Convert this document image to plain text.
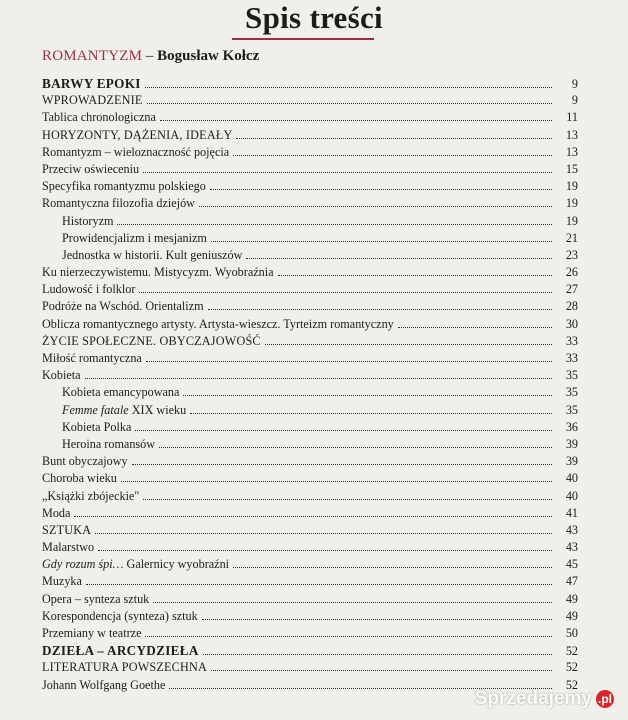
Spis treści
ROMANTYZM – Bogusław Kołcz
BARWY EPOKI	9
WPROWADZENIE	9
Tablica chronologiczna	11
HORYZONTY, DĄŻENIA, IDEAŁY	13
Romantyzm – wieloznaczność pojęcia	13
Przeciw oświeceniu	15
Specyfika romantyzmu polskiego	19
Romantyczna filozofia dziejów	19
Historyzm	19
Prowidencjalizm i mesjanizm	21
Jednostka w historii. Kult geniuszów	23
Ku nierzeczywistemu. Mistycyzm. Wyobraźnia	26
Ludowość i folklor	27
Podróże na Wschód. Orientalizm	28
Oblicza romantycznego artysty. Artysta-wieszcz. Tyrteizm romantyczny	30
ŻYCIE SPOŁECZNE. OBYCZAJOWOŚĆ	33
Miłość romantyczna	33
Kobieta	35
Kobieta emancypowana	35
Femme fatale XIX wieku	35
Kobieta Polka	36
Heroina romansów	39
Bunt obyczajowy	39
Choroba wieku	40
„Książki zbójeckie"	40
Moda	41
SZTUKA	43
Malarstwo	43
Gdy rozum śpi… Galernicy wyobraźni	45
Muzyka	47
Opera – synteza sztuk	49
Korespondencja (synteza) sztuk	49
Przemiany w teatrze	50
DZIEŁA – ARCYDZIEŁA	52
LITERATURA POWSZECHNA	52
Johann Wolfgang Goethe	52
Sprzedajemy .pl
